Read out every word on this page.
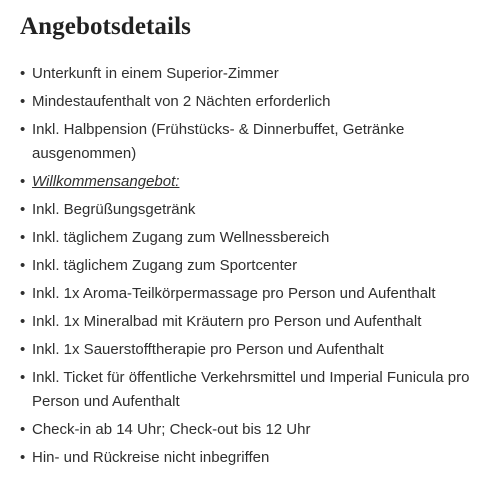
Angebotsdetails
• Unterkunft in einem Superior-Zimmer
• Mindestaufenthalt von 2 Nächten erforderlich
• Inkl. Halbpension (Frühstücks- & Dinnerbuffet, Getränke ausgenommen)
• Willkommensangebot:
• Inkl. Begrüßungsgetränk
• Inkl. täglichem Zugang zum Wellnessbereich
• Inkl. täglichem Zugang zum Sportcenter
• Inkl. 1x Aroma-Teilkörpermassage pro Person und Aufenthalt
• Inkl. 1x Mineralbad mit Kräutern pro Person und Aufenthalt
• Inkl. 1x Sauerstofftherapie pro Person und Aufenthalt
• Inkl. Ticket für öffentliche Verkehrsmittel und Imperial Funicula pro Person und Aufenthalt
• Check-in ab 14 Uhr; Check-out bis 12 Uhr
• Hin- und Rückreise nicht inbegriffen
